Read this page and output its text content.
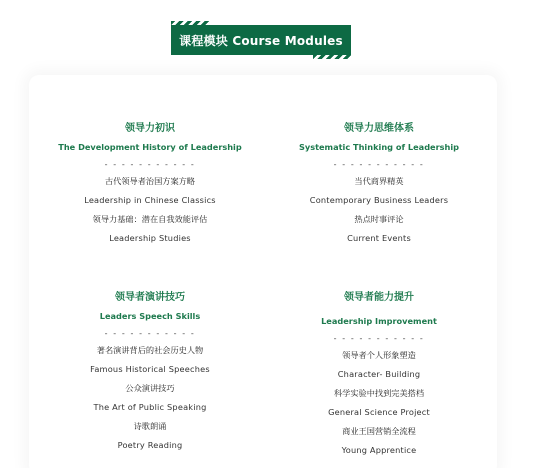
课程模块 Course Modules
领导力初识
The Development History of Leadership
- - - - - - - - - - -
古代领导者治国方案方略
Leadership in Chinese Classics
领导力基础：潜在自我效能评估
Leadership Studies
领导力思维体系
Systematic Thinking of Leadership
- - - - - - - - - - -
当代商界精英
Contemporary Business Leaders
热点时事评论
Current Events
领导者演讲技巧
Leaders Speech Skills
- - - - - - - - - - -
著名演讲背后的社会历史人物
Famous Historical Speeches
公众演讲技巧
The Art of Public Speaking
诗歌朗诵
Poetry Reading
领导者能力提升
Leadership Improvement
- - - - - - - - - - -
领导者个人形象塑造
Character- Building
科学实验中找到完美搭档
General Science Project
商业王国营销全流程
Young Apprentice
